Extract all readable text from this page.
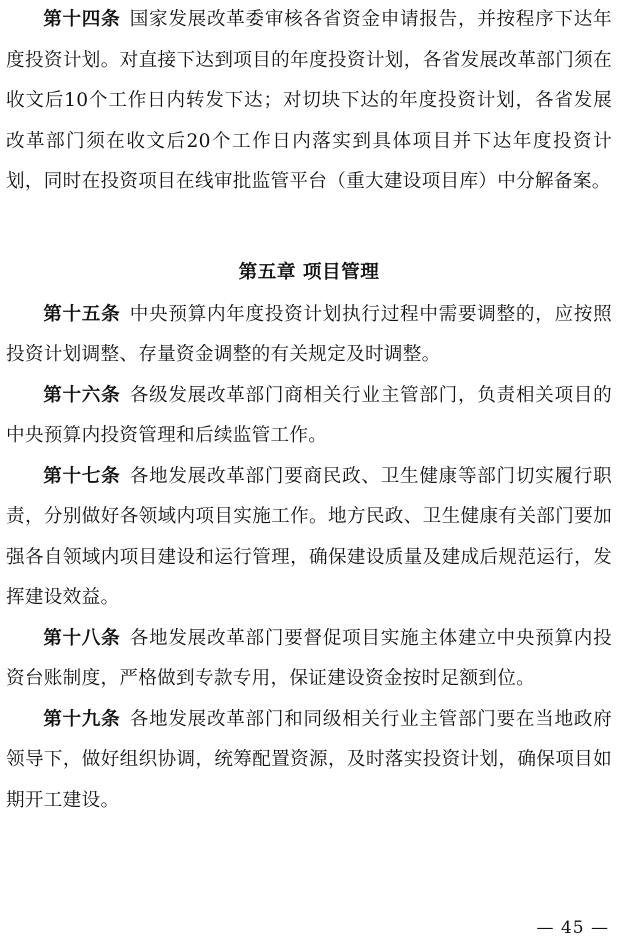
第十四条 国家发展改革委审核各省资金申请报告，并按程序下达年度投资计划。对直接下达到项目的年度投资计划，各省发展改革部门须在收文后10个工作日内转发下达；对切块下达的年度投资计划，各省发展改革部门须在收文后20个工作日内落实到具体项目并下达年度投资计划，同时在投资项目在线审批监管平台（重大建设项目库）中分解备案。

第五章 项目管理

第十五条 中央预算内年度投资计划执行过程中需要调整的，应按照投资计划调整、存量资金调整的有关规定及时调整。

第十六条 各级发展改革部门商相关行业主管部门，负责相关项目的中央预算内投资管理和后续监管工作。

第十七条 各地发展改革部门要商民政、卫生健康等部门切实履行职责，分别做好各领域内项目实施工作。地方民政、卫生健康有关部门要加强各自领域内项目建设和运行管理，确保建设质量及建成后规范运行，发挥建设效益。

第十八条 各地发展改革部门要督促项目实施主体建立中央预算内投资台账制度，严格做到专款专用，保证建设资金按时足额到位。

第十九条 各地发展改革部门和同级相关行业主管部门要在当地政府领导下，做好组织协调，统筹配置资源，及时落实投资计划，确保项目如期开工建设。

— 45 —
